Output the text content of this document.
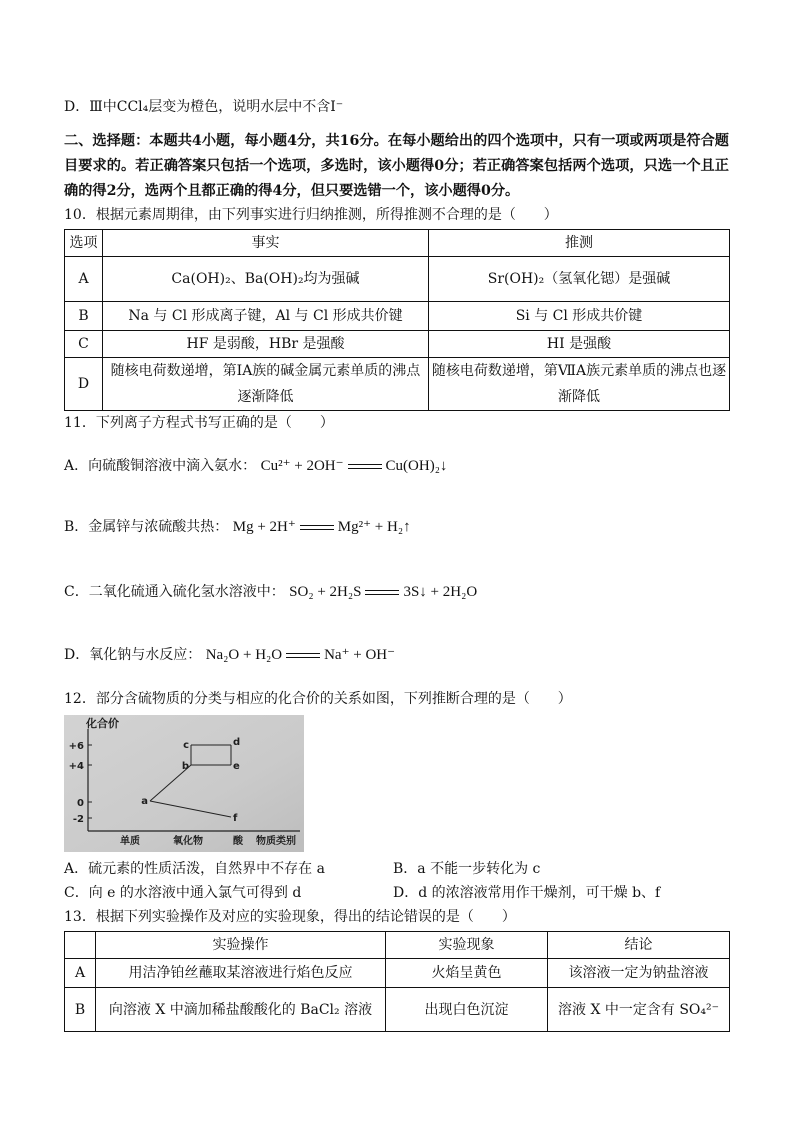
D．Ⅲ中CCl₄层变为橙色，说明水层中不含I⁻
二、选择题：本题共4小题，每小题4分，共16分。在每小题给出的四个选项中，只有一项或两项是符合题
目要求的。若正确答案只包括一个选项，多选时，该小题得0分；若正确答案包括两个选项，只选一个且正
确的得2分，选两个且都正确的得4分，但只要选错一个，该小题得0分。
10．根据元素周期律，由下列事实进行归纳推测，所得推测不合理的是（　　）
选项	事实	推测
A	Ca(OH)₂、Ba(OH)₂均为强碱	Sr(OH)₂（氢氧化锶）是强碱
B	Na 与 Cl 形成离子键，Al 与 Cl 形成共价键	Si 与 Cl 形成共价键
C	HF 是弱酸，HBr 是强酸	HI 是强酸
D	随核电荷数递增，第ⅠA族的碱金属元素单质的沸点逐渐降低	随核电荷数递增，第ⅦA族元素单质的沸点也逐渐降低
11．下列离子方程式书写正确的是（　　）
A．向硫酸铜溶液中滴入氨水： Cu²⁺ + 2OH⁻	Cu(OH)₂↓
B．金属锌与浓硫酸共热： Mg + 2H⁺	Mg²⁺ + H₂↑
C．二氧化硫通入硫化氢水溶液中： SO₂ + 2H₂S	3S↓ + 2H₂O
D．氧化钠与水反应： Na₂O + H₂O	Na⁺ + OH⁻
12．部分含硫物质的分类与相应的化合价的关系如图，下列推断合理的是（　　）
化合价
+6
+4
0
-2
单质	氧化物	酸 物质类别
a
b
c	d
e
f
A．硫元素的性质活泼，自然界中不存在 a	B．a 不能一步转化为 c
C．向 e 的水溶液中通入氯气可得到 d	D．d 的浓溶液常用作干燥剂，可干燥 b、f
13．根据下列实验操作及对应的实验现象，得出的结论错误的是（　　）
	实验操作	实验现象	结论
A	用洁净铂丝蘸取某溶液进行焰色反应	火焰呈黄色	该溶液一定为钠盐溶液
B	向溶液 X 中滴加稀盐酸酸化的 BaCl₂ 溶液	出现白色沉淀	溶液 X 中一定含有 SO₄²⁻
